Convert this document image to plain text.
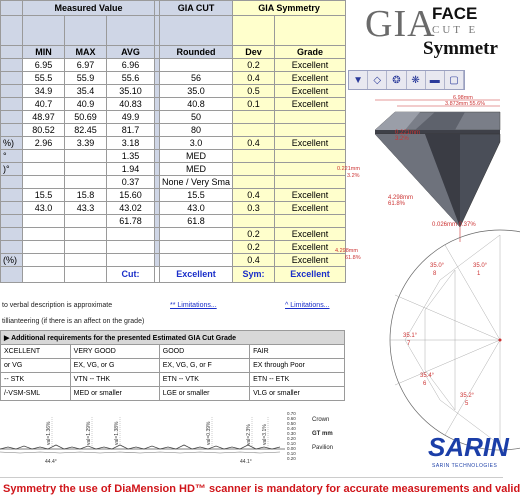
	Measured Value				GIA CUT	GIA Symmetry	

	MIN	MAX	AVG		Rounded	Dev	Grade
	6.95	6.97	6.96			0.2	Excellent
	55.5	55.9	55.6		56	0.4	Excellent
	34.9	35.4	35.10		35.0	0.5	Excellent
	40.7	40.9	40.83		40.8	0.1	Excellent
	48.97	50.69	49.9		50		
	80.52	82.45	81.7		80		
%)	2.96	3.39	3.18		3.0	0.4	Excellent
°			1.35		MED		
)°			1.94		MED		
			0.37		None / Very Sma		
	15.5	15.8	15.60		15.5	0.4	Excellent
	43.0	43.3	43.02		43.0	0.3	Excellent
			61.78		61.8		
						0.2	Excellent
						0.2	Excellent
(%)						0.4	Excellent
			Cut:		Excellent	Sym:	Excellent
to verbal description is approximate	** Limitations...	^ Limitations...
tillianteering (if there is an affect on the grade)
▶ Additional requirements for the presented Estimated GIA Cut Grade			
XCELLENT	VERY GOOD	GOOD	FAIR
or VG	EX, VG, or G	EX, VG, G, or F	EX through Poor
-- STK	VTN -- THK	ETN -- VTK	ETN -- ETK
/-VSM-SML	MED or smaller	LGE or smaller	VLG or smaller
val=1.36%	val=1.29%	val=1.38%	val=0.39%	val=2.3% val=3.1%
0.70
0.60
0.50
0.40
0.30
0.20
0.10
0.00
0.10
0.20
Crown
GT mm
Pavilion
44.4°	44.1°
GIA
FACE
CUT E
Symmetr
▼	◇	❂	❋ ▬ ▢
6.98mm
3.873mm 55.6%
0.221mm
3.2%
4.298mm
61.8%
0.026mm 0.37%
0.221mm
3.2%
4.298mm
61.8%
35.0°
8
35.0°
1
35.1°
7
35.4°
6
35.2°
5
SARIN
SARIN TECHNOLOGIES
Symmetry the use of DiaMension HD™ scanner is mandatory for accurate measurements and valid
